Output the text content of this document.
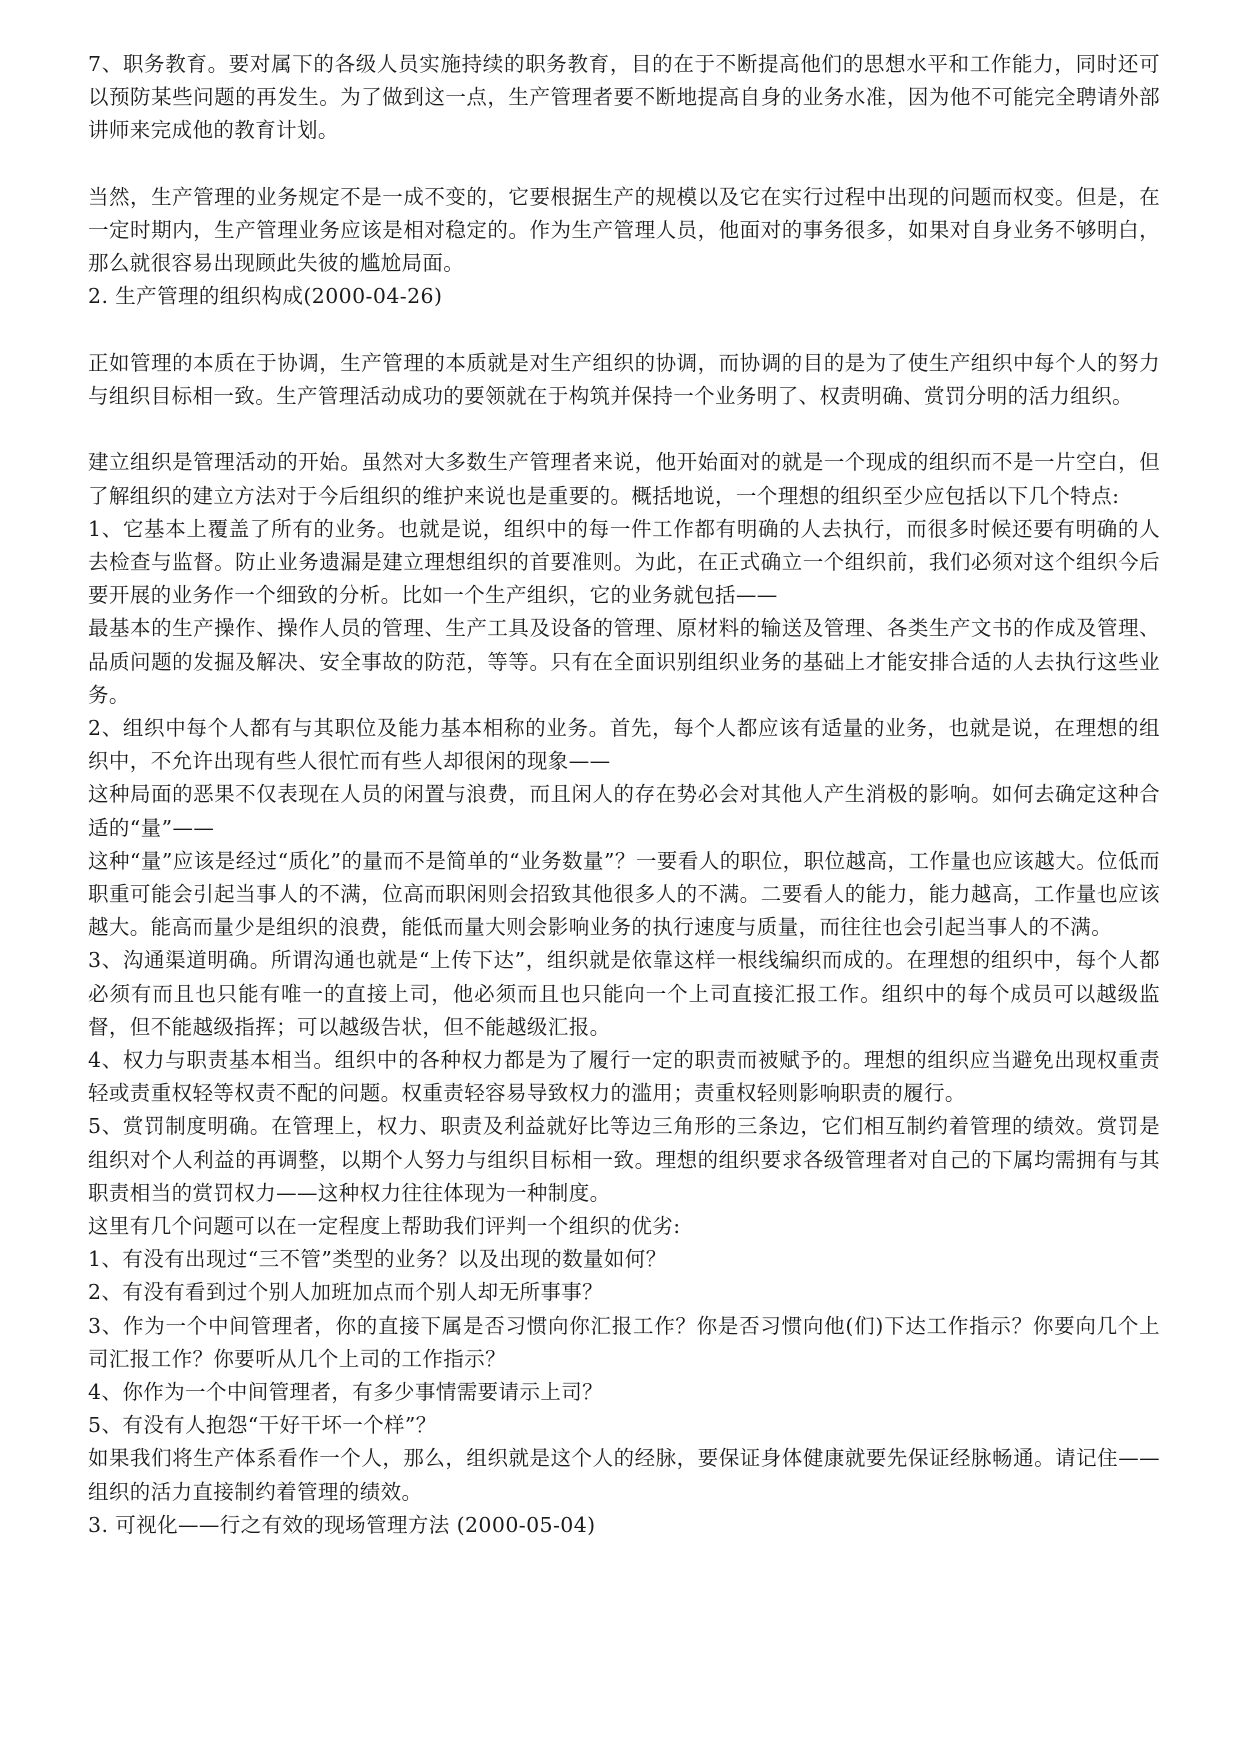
7、职务教育。要对属下的各级人员实施持续的职务教育，目的在于不断提高他们的思想水平和工作能力，同时还可以预防某些问题的再发生。为了做到这一点，生产管理者要不断地提高自身的业务水准，因为他不可能完全聘请外部讲师来完成他的教育计划。

当然，生产管理的业务规定不是一成不变的，它要根据生产的规模以及它在实行过程中出现的问题而权变。但是，在一定时期内，生产管理业务应该是相对稳定的。作为生产管理人员，他面对的事务很多，如果对自身业务不够明白，那么就很容易出现顾此失彼的尴尬局面。

2. 生产管理的组织构成(2000-04-26)

正如管理的本质在于协调，生产管理的本质就是对生产组织的协调，而协调的目的是为了使生产组织中每个人的努力与组织目标相一致。生产管理活动成功的要领就在于构筑并保持一个业务明了、权责明确、赏罚分明的活力组织。

建立组织是管理活动的开始。虽然对大多数生产管理者来说，他开始面对的就是一个现成的组织而不是一片空白，但了解组织的建立方法对于今后组织的维护来说也是重要的。概括地说，一个理想的组织至少应包括以下几个特点:

1、它基本上覆盖了所有的业务。也就是说，组织中的每一件工作都有明确的人去执行，而很多时候还要有明确的人去检查与监督。防止业务遗漏是建立理想组织的首要准则。为此，在正式确立一个组织前，我们必须对这个组织今后要开展的业务作一个细致的分析。比如一个生产组织，它的业务就包括——

最基本的生产操作、操作人员的管理、生产工具及设备的管理、原材料的输送及管理、各类生产文书的作成及管理、品质问题的发掘及解决、安全事故的防范，等等。只有在全面识别组织业务的基础上才能安排合适的人去执行这些业务。

2、组织中每个人都有与其职位及能力基本相称的业务。首先，每个人都应该有适量的业务，也就是说，在理想的组织中，不允许出现有些人很忙而有些人却很闲的现象——

这种局面的恶果不仅表现在人员的闲置与浪费，而且闲人的存在势必会对其他人产生消极的影响。如何去确定这种合适的“量”——

这种“量”应该是经过“质化”的量而不是简单的“业务数量”？一要看人的职位，职位越高，工作量也应该越大。位低而职重可能会引起当事人的不满，位高而职闲则会招致其他很多人的不满。二要看人的能力，能力越高，工作量也应该越大。能高而量少是组织的浪费，能低而量大则会影响业务的执行速度与质量，而往往也会引起当事人的不满。

3、沟通渠道明确。所谓沟通也就是“上传下达”，组织就是依靠这样一根线编织而成的。在理想的组织中，每个人都必须有而且也只能有唯一的直接上司，他必须而且也只能向一个上司直接汇报工作。组织中的每个成员可以越级监督，但不能越级指挥；可以越级告状，但不能越级汇报。

4、权力与职责基本相当。组织中的各种权力都是为了履行一定的职责而被赋予的。理想的组织应当避免出现权重责轻或责重权轻等权责不配的问题。权重责轻容易导致权力的滥用；责重权轻则影响职责的履行。

5、赏罚制度明确。在管理上，权力、职责及利益就好比等边三角形的三条边，它们相互制约着管理的绩效。赏罚是组织对个人利益的再调整，以期个人努力与组织目标相一致。理想的组织要求各级管理者对自己的下属均需拥有与其职责相当的赏罚权力——这种权力往往体现为一种制度。

这里有几个问题可以在一定程度上帮助我们评判一个组织的优劣:

1、有没有出现过“三不管”类型的业务？以及出现的数量如何？

2、有没有看到过个别人加班加点而个别人却无所事事？

3、作为一个中间管理者，你的直接下属是否习惯向你汇报工作？你是否习惯向他(们)下达工作指示？你要向几个上司汇报工作？你要听从几个上司的工作指示？

4、你作为一个中间管理者，有多少事情需要请示上司？

5、有没有人抱怨“干好干坏一个样”？

如果我们将生产体系看作一个人，那么，组织就是这个人的经脉，要保证身体健康就要先保证经脉畅通。请记住——组织的活力直接制约着管理的绩效。

3. 可视化——行之有效的现场管理方法 (2000-05-04)
